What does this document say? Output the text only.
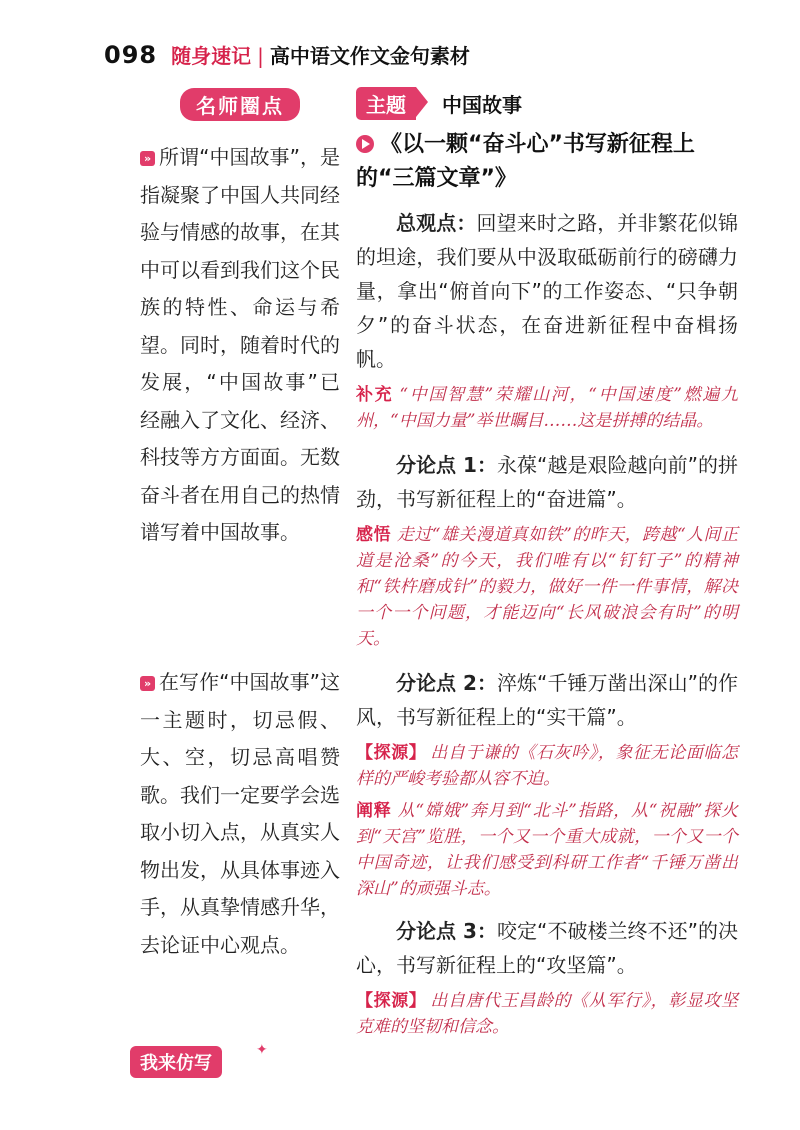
098 随身速记 | 高中语文作文金句素材
名师圈点
» 所谓“中国故事”，是指凝聚了中国人共同经验与情感的故事，在其中可以看到我们这个民族的特性、命运与希望。同时，随着时代的发展，“中国故事”已经融入了文化、经济、科技等方方面面。无数奋斗者在用自己的热情谱写着中国故事。
» 在写作“中国故事”这一主题时，切忌假、大、空，切忌高唱赞歌。我们一定要学会选取小切入点，从真实人物出发，从具体事迹入手，从真挚情感升华，去论证中心观点。
我来仿写
✦
主题	中国故事
《以一颗“奋斗心”书写新征程上的“三篇文章”》

总观点：回望来时之路，并非繁花似锦的坦途，我们要从中汲取砥砺前行的磅礴力量，拿出“俯首向下”的工作姿态、“只争朝夕”的奋斗状态，在奋进新征程中奋楫扬帆。

补充 “中国智慧”荣耀山河，“中国速度”燃遍九州，“中国力量”举世瞩目……这是拼搏的结晶。

分论点 1：永葆“越是艰险越向前”的拼劲，书写新征程上的“奋进篇”。

感悟 走过“雄关漫道真如铁”的昨天，跨越“人间正道是沧桑”的今天，我们唯有以“钉钉子”的精神和“铁杵磨成针”的毅力，做好一件一件事情，解决一个一个问题，才能迈向“长风破浪会有时”的明天。

分论点 2：淬炼“千锤万凿出深山”的作风，书写新征程上的“实干篇”。

【探源】 出自于谦的《石灰吟》，象征无论面临怎样的严峻考验都从容不迫。

阐释 从“嫦娥”奔月到“北斗”指路，从“祝融”探火到“天宫”览胜，一个又一个重大成就，一个又一个中国奇迹，让我们感受到科研工作者“千锤万凿出深山”的顽强斗志。

分论点 3：咬定“不破楼兰终不还”的决心，书写新征程上的“攻坚篇”。

【探源】 出自唐代王昌龄的《从军行》，彰显攻坚克难的坚韧和信念。
